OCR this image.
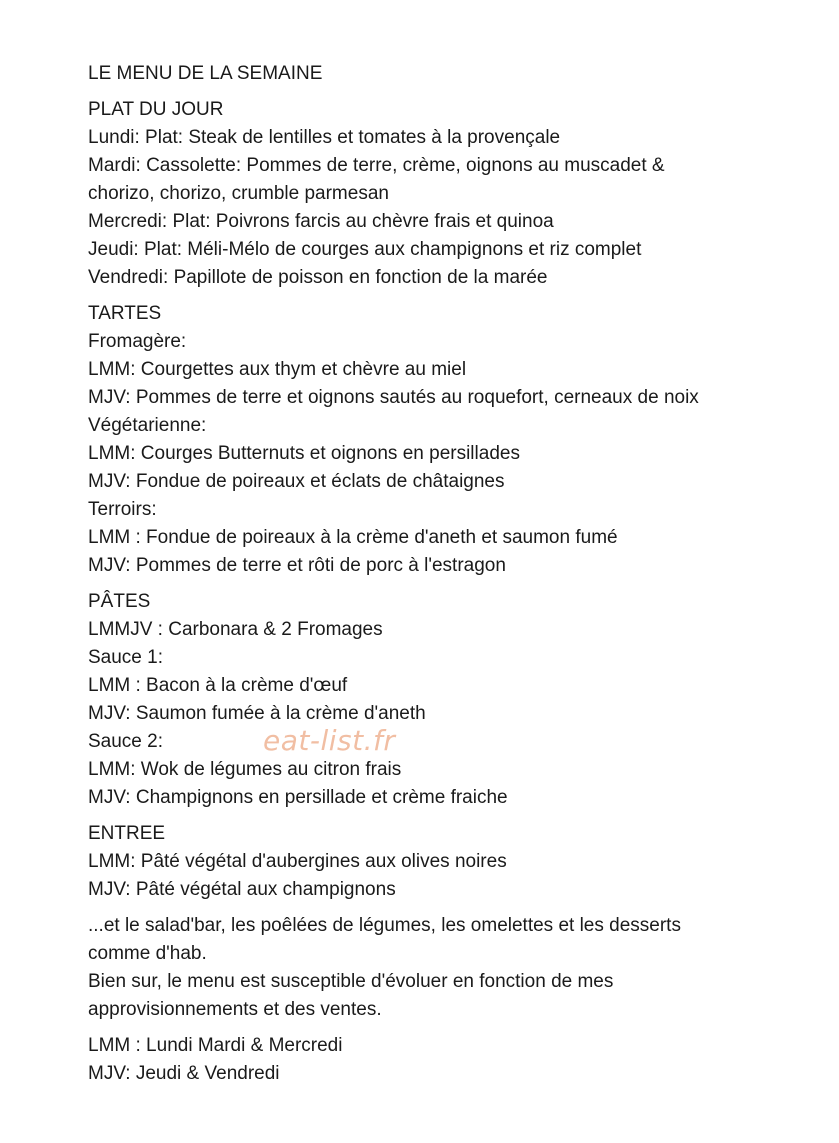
LE MENU DE LA SEMAINE
PLAT DU JOUR
Lundi: Plat: Steak de lentilles et tomates à la provençale
Mardi: Cassolette: Pommes de terre, crème, oignons au muscadet &
chorizo, chorizo, crumble parmesan
Mercredi: Plat: Poivrons farcis au chèvre frais et quinoa
Jeudi: Plat: Méli-Mélo de courges aux champignons et riz complet
Vendredi: Papillote de poisson en fonction de la marée
TARTES
Fromagère:
LMM: Courgettes aux thym et chèvre au miel
MJV: Pommes de terre et oignons sautés au roquefort, cerneaux de noix
Végétarienne:
LMM: Courges Butternuts et oignons en persillades
MJV: Fondue de poireaux et éclats de châtaignes
Terroirs:
LMM : Fondue de poireaux à la crème d'aneth et saumon fumé
MJV: Pommes de terre et rôti de porc à l'estragon
PÂTES
LMMJV : Carbonara & 2 Fromages
Sauce 1:
LMM : Bacon à la crème d'œuf
MJV: Saumon fumée à la crème d'aneth
Sauce 2:
LMM: Wok de légumes au citron frais
MJV: Champignons en persillade et crème fraiche
ENTREE
LMM: Pâté végétal d'aubergines aux olives noires
MJV: Pâté végétal aux champignons
...et le salad'bar, les poêlées de légumes, les omelettes et les desserts
comme d'hab.
Bien sur, le menu est susceptible d'évoluer en fonction de mes
approvisionnements et des ventes.
LMM : Lundi Mardi & Mercredi
MJV: Jeudi & Vendredi
eat-list.fr
